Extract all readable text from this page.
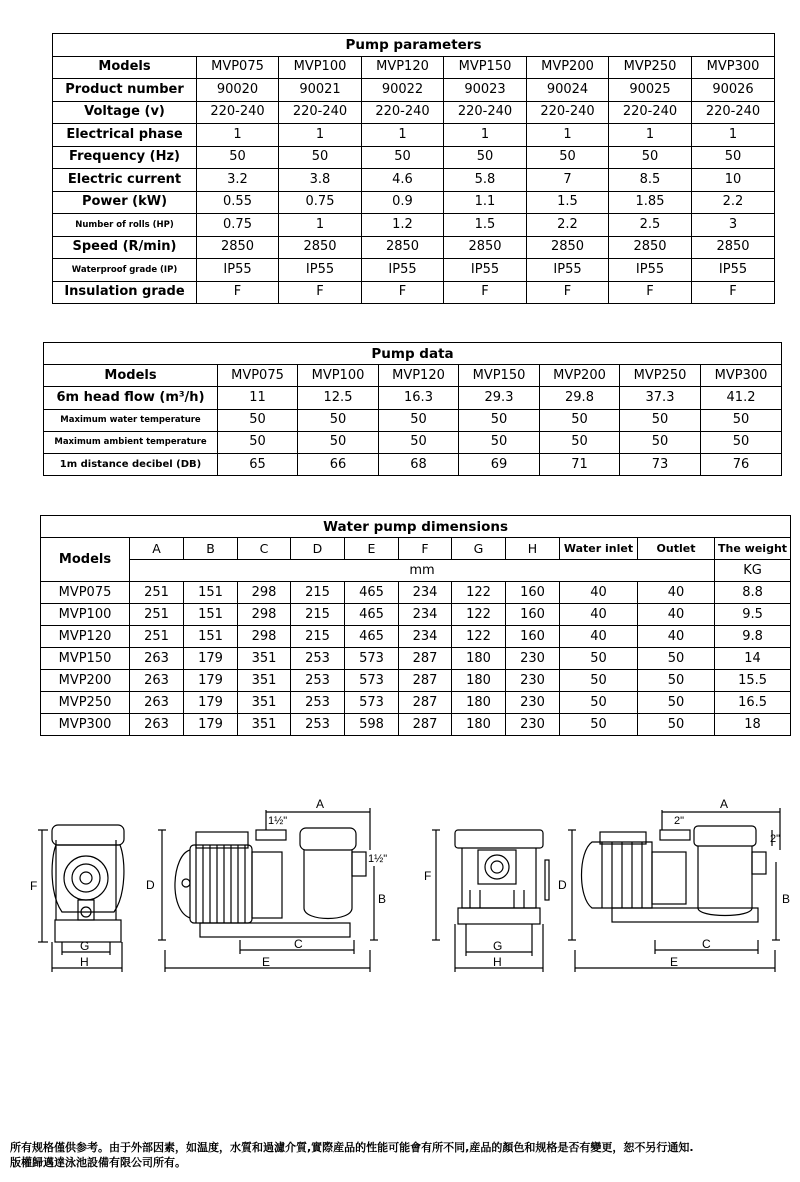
Pump parameters							
Models	MVP075	MVP100	MVP120	MVP150	MVP200	MVP250	MVP300
Product number	90020	90021	90022	90023	90024	90025	90026
Voltage (v)	220-240	220-240	220-240	220-240	220-240	220-240	220-240
Electrical phase	1	1	1	1	1	1	1
Frequency (Hz)	50	50	50	50	50	50	50
Electric current	3.2	3.8	4.6	5.8	7	8.5	10
Power (kW)	0.55	0.75	0.9	1.1	1.5	1.85	2.2
Number of rolls (HP)	0.75	1	1.2	1.5	2.2	2.5	3
Speed (R/min)	2850	2850	2850	2850	2850	2850	2850
Waterproof grade (IP)	IP55	IP55	IP55	IP55	IP55	IP55	IP55
Insulation grade	F	F	F	F	F	F	F
Pump data							
Models	MVP075	MVP100	MVP120	MVP150	MVP200	MVP250	MVP300
6m head flow (m³/h)	11	12.5	16.3	29.3	29.8	37.3	41.2
Maximum water temperature	50	50	50	50	50	50	50
Maximum ambient temperature	50	50	50	50	50	50	50
1m distance decibel (DB)	65	66	68	69	71	73	76
Water pump dimensions											
Models	A	B	C	D	E	F	G	H	Water inlet	Outlet	The weight
	mm										KG
MVP075	251	151	298	215	465	234	122	160	40	40	8.8
MVP100	251	151	298	215	465	234	122	160	40	40	9.5
MVP120	251	151	298	215	465	234	122	160	40	40	9.8
MVP150	263	179	351	253	573	287	180	230	50	50	14
MVP200	263	179	351	253	573	287	180	230	50	50	15.5
MVP250	263	179	351	253	573	287	180	230	50	50	16.5
MVP300	263	179	351	253	598	287	180	230	50	50	18
F
G
H
D
A
1½"
1½"
B
C
E
F
G
H
D
A
2"
2"
B
C
E
所有规格僅供参考。由于外部因素，如温度，水質和過濾介質,實際産品的性能可能會有所不同,産品的顏色和规格是否有變更，恕不另行通知.
版權歸邁達泳池設備有限公司所有。
